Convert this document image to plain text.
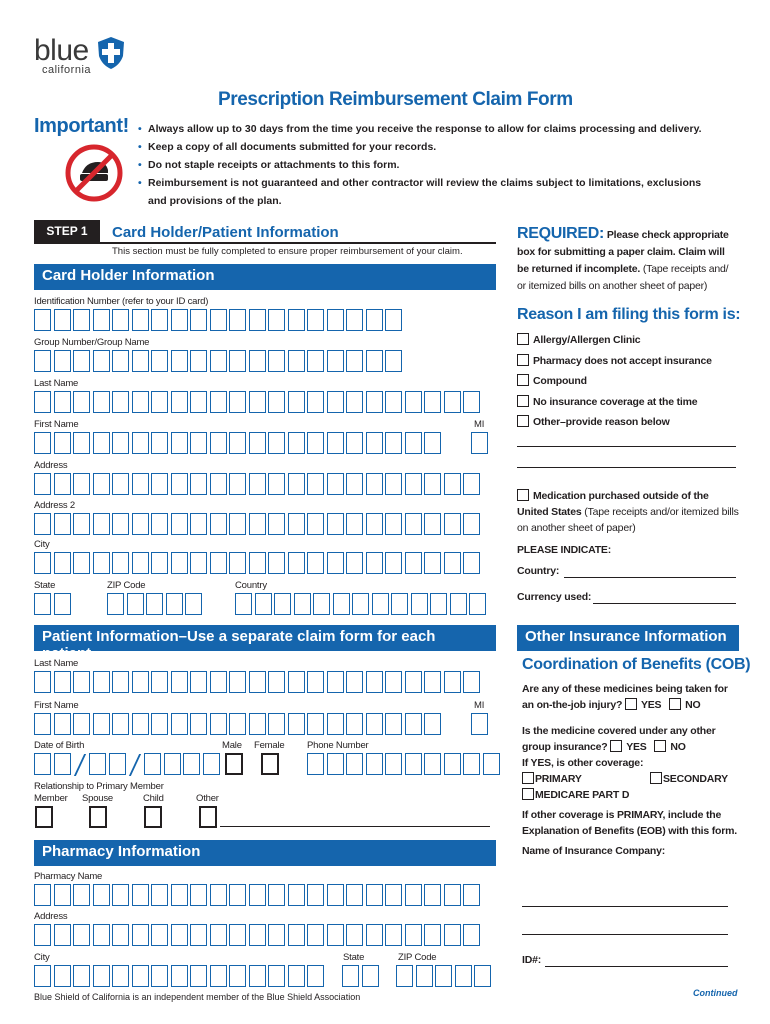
blue
california
Prescription Reimbursement Claim Form
Important!
•	Always allow up to 30 days from the time you receive the response to allow for claims processing and delivery.
• Keep a copy of all documents submitted for your records.
• Do not staple receipts or attachments to this form.
• Reimbursement is not guaranteed and other contractor will review the claims subject to limitations, exclusions and provisions of the plan.
STEP 1	Card Holder/Patient Information
This section must be fully completed to ensure proper reimbursement of your claim.
Card Holder Information
Identification Number (refer to your ID card)
Group Number/Group Name
Last Name
First Name	MI
Address
Address 2
City
State	ZIP Code	Country
Patient Information–Use a separate claim form for each patient
Last Name
First Name	MI
Date of Birth	Male Female Phone Number
Relationship to Primary Member
Member Spouse	Child	Other
Pharmacy Information
Pharmacy Name
Address
City	State	ZIP Code
Blue Shield of California is an independent member of the Blue Shield Association
REQUIRED: Please check appropriate box for submitting a paper claim. Claim will be returned if incomplete. (Tape receipts and/ or itemized bills on another sheet of paper)
Reason I am filing this form is:
Allergy/Allergen Clinic
Pharmacy does not accept insurance
Compound
No insurance coverage at the time
Other–provide reason below
Medication purchased outside of the United States (Tape receipts and/or itemized bills on another sheet of paper)
PLEASE INDICATE:
Country:
Currency used:
Other Insurance Information
Coordination of Benefits (COB)
Are any of these medicines being taken for an on-the-job injury? YES NO
Is the medicine covered under any other group insurance? YES NO
If YES, is other coverage:
PRIMARY	SECONDARY
MEDICARE PART D
If other coverage is PRIMARY, include the Explanation of Benefits (EOB) with this form.
Name of Insurance Company:
ID#:
Continued
